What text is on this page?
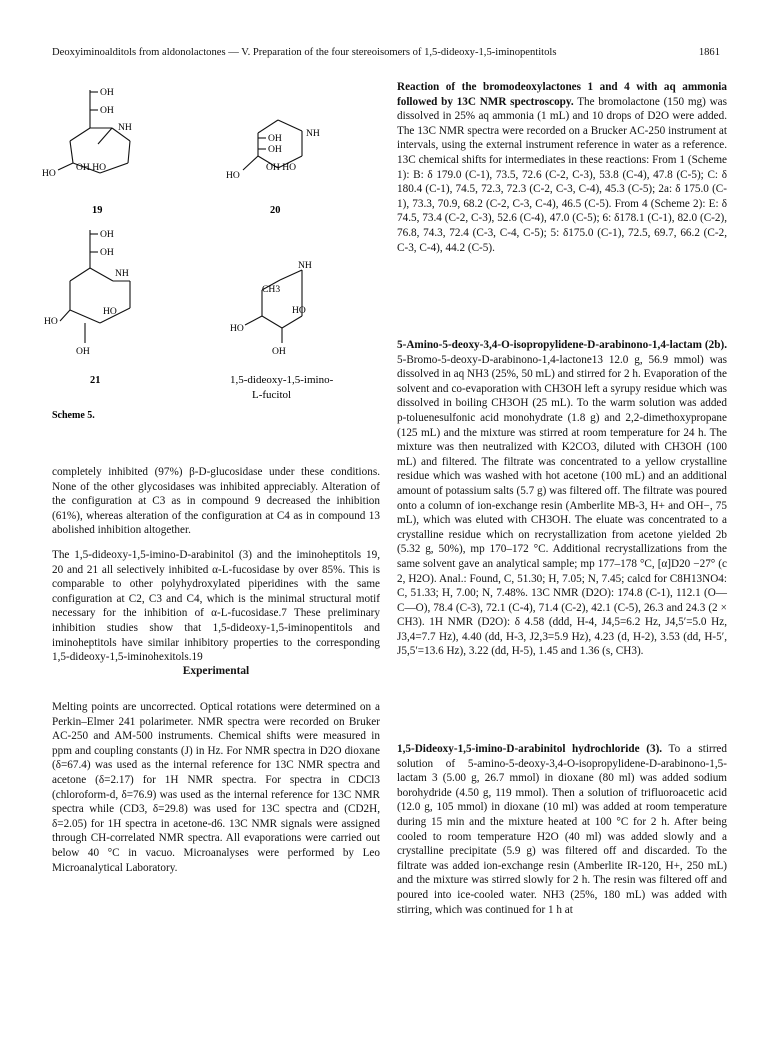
Deoxyiminoalditols from aldonolactones — V. Preparation of the four stereoisomers of 1,5-dideoxy-1,5-iminopentitols	1861
OH
OH
NH
OH HO
HO
19
NH
OH
OH
OH HO
HO
20
OH
OH
NH
HO
HO
OH
21
NH
CH3
HO
HO
OH
1,5-dideoxy-1,5-imino-
L-fucitol
Scheme 5.

completely inhibited (97%) β-D-glucosidase under these conditions. None of the other glycosidases was inhibited appreciably. Alteration of the configuration at C3 as in compound 9 decreased the inhibition (61%), whereas alteration of the configuration at C4 as in compound 13 abolished inhibition altogether.

The 1,5-dideoxy-1,5-imino-D-arabinitol (3) and the iminoheptitols 19, 20 and 21 all selectively inhibited α-L-fucosidase by over 85%. This is comparable to other polyhydroxylated piperidines with the same configuration at C2, C3 and C4, which is the minimal structural motif necessary for the inhibition of α-L-fucosidase.7 These preliminary inhibition studies show that 1,5-dideoxy-1,5-iminopentitols and iminoheptitols have similar inhibitory properties to the corresponding 1,5-dideoxy-1,5-iminohexitols.19

Experimental

Melting points are uncorrected. Optical rotations were determined on a Perkin–Elmer 241 polarimeter. NMR spectra were recorded on Bruker AC-250 and AM-500 instruments. Chemical shifts were measured in ppm and coupling constants (J) in Hz. For NMR spectra in D2O dioxane (δ=67.4) was used as the internal reference for 13C NMR spectra and acetone (δ=2.17) for 1H NMR spectra. For spectra in CDCl3 (chloroform-d, δ=76.9) was used as the internal reference for 13C NMR spectra while (CD3, δ=29.8) was used for 13C spectra and (CD2H, δ=2.05) for 1H spectra in acetone-d6. 13C NMR signals were assigned through CH-correlated NMR spectra. All evaporations were carried out below 40 °C in vacuo. Microanalyses were performed by Leo Microanalytical Laboratory.

Reaction of the bromodeoxylactones 1 and 4 with aq ammonia followed by 13C NMR spectroscopy. The bromolactone (150 mg) was dissolved in 25% aq ammonia (1 mL) and 10 drops of D2O were added. The 13C NMR spectra were recorded on a Brucker AC-250 instrument at intervals, using the external instrument reference in water as a reference. 13C chemical shifts for intermediates in these reactions: From 1 (Scheme 1): B: δ 179.0 (C-1), 73.5, 72.6 (C-2, C-3), 53.8 (C-4), 47.8 (C-5); C: δ 180.4 (C-1), 74.5, 72.3, 72.3 (C-2, C-3, C-4), 45.3 (C-5); 2a: δ 175.0 (C-1), 73.3, 70.9, 68.2 (C-2, C-3, C-4), 46.5 (C-5). From 4 (Scheme 2): E: δ 74.5, 73.4 (C-2, C-3), 52.6 (C-4), 47.0 (C-5); 6: δ178.1 (C-1), 82.0 (C-2), 76.8, 74.3, 72.4 (C-3, C-4, C-5); 5: δ175.0 (C-1), 72.5, 69.7, 66.2 (C-2, C-3, C-4), 44.2 (C-5).

5-Amino-5-deoxy-3,4-O-isopropylidene-D-arabinono-1,4-lactam (2b). 5-Bromo-5-deoxy-D-arabinono-1,4-lactone13 12.0 g, 56.9 mmol) was dissolved in aq NH3 (25%, 50 mL) and stirred for 2 h. Evaporation of the solvent and co-evaporation with CH3OH left a syrupy residue which was dissolved in boiling CH3OH (25 mL). To the warm solution was added p-toluenesulfonic acid monohydrate (1.8 g) and 2,2-dimethoxypropane (125 mL) and the mixture was stirred at room temperature for 24 h. The mixture was then neutralized with K2CO3, diluted with CH3OH (100 mL) and filtered. The filtrate was concentrated to a yellow crystalline residue which was washed with hot acetone (100 mL) and an additional amount of potassium salts (5.7 g) was filtered off. The filtrate was poured onto a column of ion-exchange resin (Amberlite MB-3, H+ and OH−, 75 mL), which was eluted with CH3OH. The eluate was concentrated to a crystalline residue which on recrystallization from acetone yielded 2b (5.32 g, 50%), mp 170–172 °C. Additional recrystallizations from the same solvent gave an analytical sample; mp 177–178 °C, [α]D20 −27° (c 2, H2O). Anal.: Found, C, 51.30; H, 7.05; N, 7.45; calcd for C8H13NO4: C, 51.33; H, 7.00; N, 7.48%. 13C NMR (D2O): 174.8 (C-1), 112.1 (O—C—O), 78.4 (C-3), 72.1 (C-4), 71.4 (C-2), 42.1 (C-5), 26.3 and 24.3 (2 × CH3). 1H NMR (D2O): δ 4.58 (ddd, H-4, J4,5=6.2 Hz, J4,5′=5.0 Hz, J3,4=7.7 Hz), 4.40 (dd, H-3, J2,3=5.9 Hz), 4.23 (d, H-2), 3.53 (dd, H-5′, J5,5′=13.6 Hz), 3.22 (dd, H-5), 1.45 and 1.36 (s, CH3).

1,5-Dideoxy-1,5-imino-D-arabinitol hydrochloride (3). To a stirred solution of 5-amino-5-deoxy-3,4-O-isopropylidene-D-arabinono-1,5-lactam 3 (5.00 g, 26.7 mmol) in dioxane (80 ml) was added sodium borohydride (4.50 g, 119 mmol). Then a solution of trifluoroacetic acid (12.0 g, 105 mmol) in dioxane (10 ml) was added at room temperature during 15 min and the mixture heated at 100 °C for 2 h. After being cooled to room temperature H2O (40 ml) was added slowly and a crystalline precipitate (5.9 g) was filtered off and discarded. To the filtrate was added ion-exchange resin (Amberlite IR-120, H+, 250 mL) and the mixture was stirred slowly for 2 h. The resin was filtered off and poured into ice-cooled water. NH3 (25%, 180 mL) was added with stirring, which was continued for 1 h at
